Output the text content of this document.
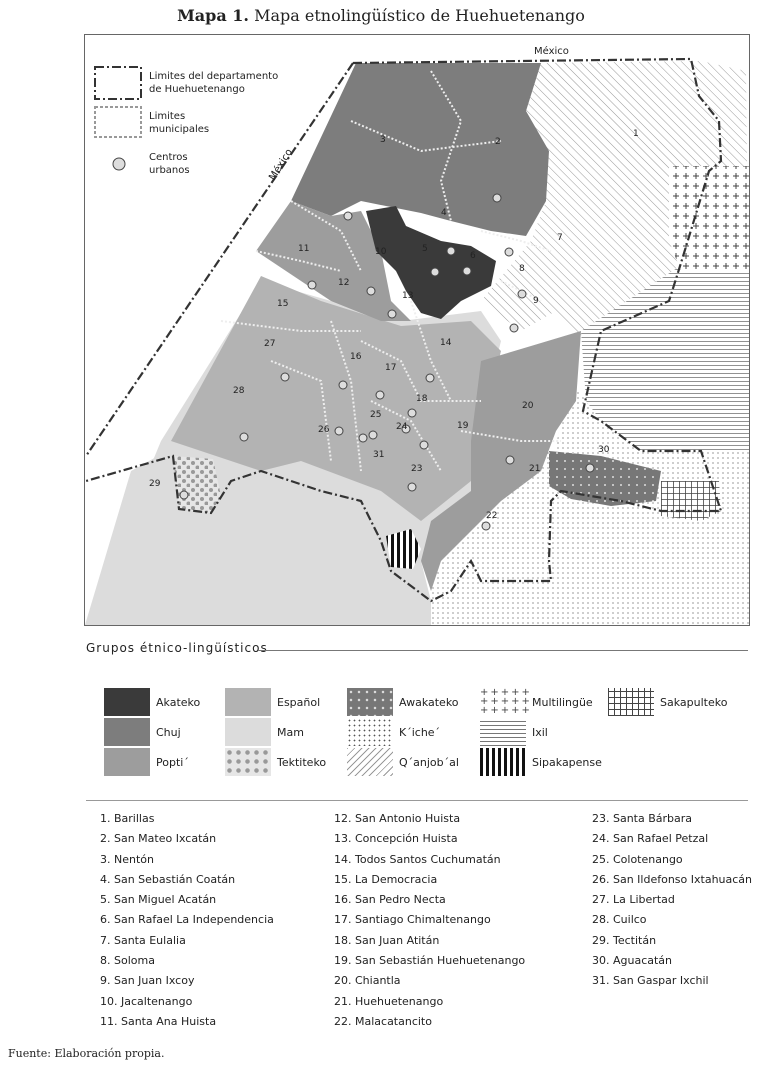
Mapa 1. Mapa etnolingüístico de Huehuetenango
1
2
3
4
5
6
7
8
9
10
11
12
13
14
15
16
17
18
19
20
21
22
23
24
25
26
27
28
29
30
31
México
México
Limites del departamento
de Huehuetenango
Limites
municipales
Centros
urbanos
Grupos étnico-lingüísticos
Akateko
Chuj
Popti´
Español
Mam
Tektiteko
Awakateko
K´iche´
Q´anjob´al
+++++ +++++ +++++
Multilingüe
Ixil
Sipakapense
Sakapulteko
1. Barillas
2. San Mateo Ixcatán
3. Nentón
4. San Sebastián Coatán
5. San Miguel Acatán
6. San Rafael La Independencia
7. Santa Eulalia
8. Soloma
9. San Juan Ixcoy
10. Jacaltenango
11. Santa Ana Huista
12. San Antonio Huista
13. Concepción Huista
14. Todos Santos Cuchumatán
15. La Democracia
16. San Pedro Necta
17. Santiago Chimaltenango
18. San Juan Atitán
19. San Sebastián Huehuetenango
20. Chiantla
21. Huehuetenango
22. Malacatancito
23. Santa Bárbara
24. San Rafael Petzal
25. Colotenango
26. San Ildefonso Ixtahuacán
27. La Libertad
28. Cuilco
29. Tectitán
30. Aguacatán
31. San Gaspar Ixchil
Fuente: Elaboración propia.
